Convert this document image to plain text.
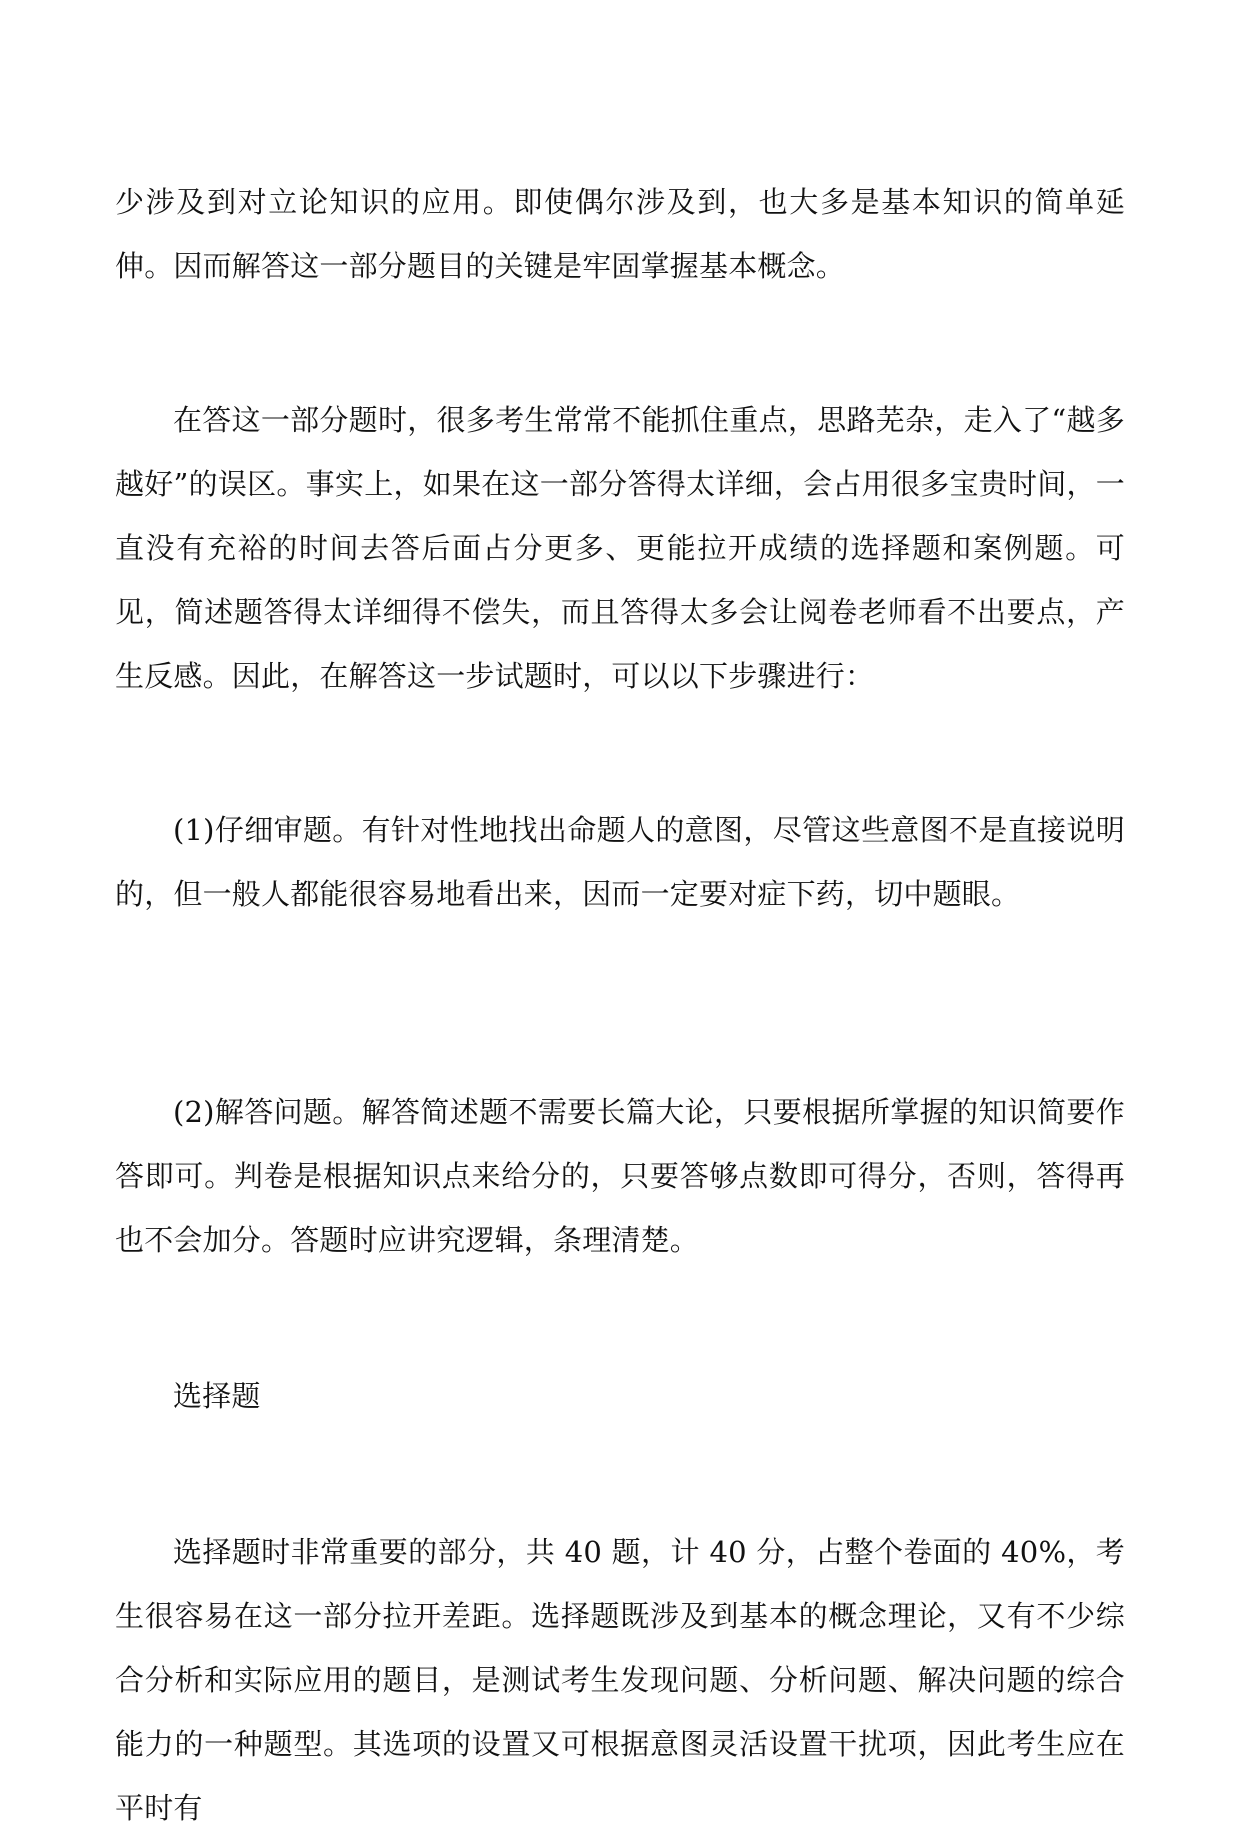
少涉及到对立论知识的应用。即使偶尔涉及到，也大多是基本知识的简单延伸。因而解答这一部分题目的关键是牢固掌握基本概念。

在答这一部分题时，很多考生常常不能抓住重点，思路芜杂，走入了“越多越好”的误区。事实上，如果在这一部分答得太详细，会占用很多宝贵时间，一直没有充裕的时间去答后面占分更多、更能拉开成绩的选择题和案例题。可见，简述题答得太详细得不偿失，而且答得太多会让阅卷老师看不出要点，产生反感。因此，在解答这一步试题时，可以以下步骤进行：

(1)仔细审题。有针对性地找出命题人的意图，尽管这些意图不是直接说明的，但一般人都能很容易地看出来，因而一定要对症下药，切中题眼。

(2)解答问题。解答简述题不需要长篇大论，只要根据所掌握的知识简要作答即可。判卷是根据知识点来给分的，只要答够点数即可得分，否则，答得再也不会加分。答题时应讲究逻辑，条理清楚。

选择题

选择题时非常重要的部分，共 40 题，计 40 分，占整个卷面的 40%，考生很容易在这一部分拉开差距。选择题既涉及到基本的概念理论，又有不少综合分析和实际应用的题目，是测试考生发现问题、分析问题、解决问题的综合能力的一种题型。其选项的设置又可根据意图灵活设置干扰项，因此考生应在平时有
